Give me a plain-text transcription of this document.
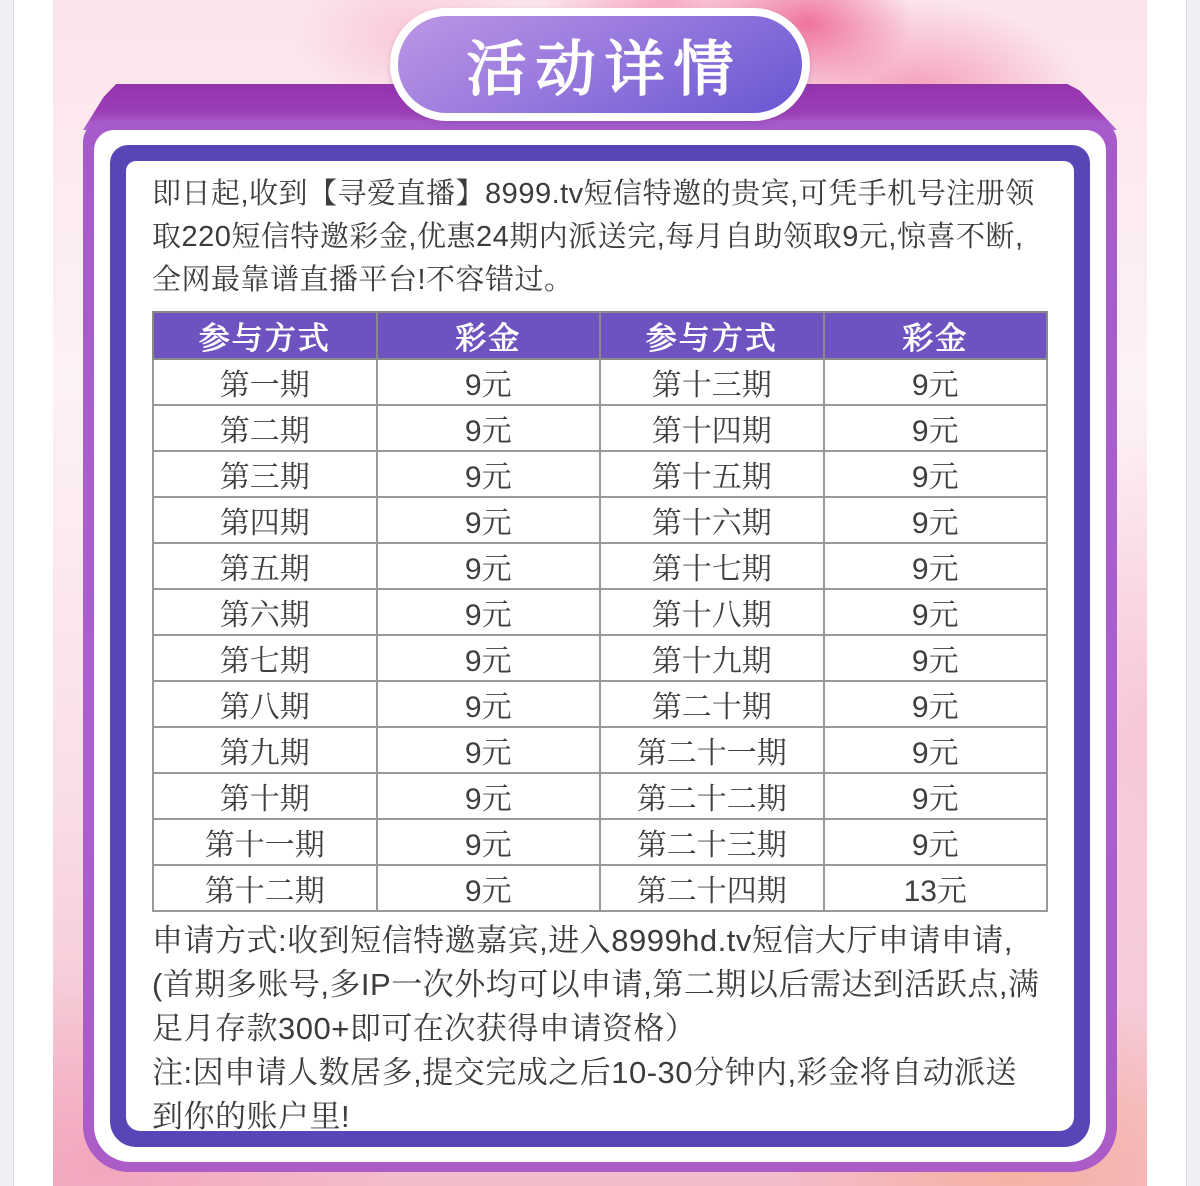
即日起,收到【寻爱直播】8999.tv短信特邀的贵宾,可凭手机号注册领取220短信特邀彩金,优惠24期内派送完,每月自助领取9元,惊喜不断,全网最靠谱直播平台!不容错过。

参与方式	彩金	参与方式	彩金
第一期	9元	第十三期	9元
第二期	9元	第十四期	9元
第三期	9元	第十五期	9元
第四期	9元	第十六期	9元
第五期	9元	第十七期	9元
第六期	9元	第十八期	9元
第七期	9元	第十九期	9元
第八期	9元	第二十期	9元
第九期	9元	第二十一期	9元
第十期	9元	第二十二期	9元
第十一期	9元	第二十三期	9元
第十二期	9元	第二十四期	13元

申请方式:收到短信特邀嘉宾,进入8999hd.tv短信大厅申请申请,(首期多账号,多IP一次外均可以申请,第二期以后需达到活跃点,满足月存款300+即可在次获得申请资格）

注:因申请人数居多,提交完成之后10-30分钟内,彩金将自动派送到你的账户里!

活动详情
